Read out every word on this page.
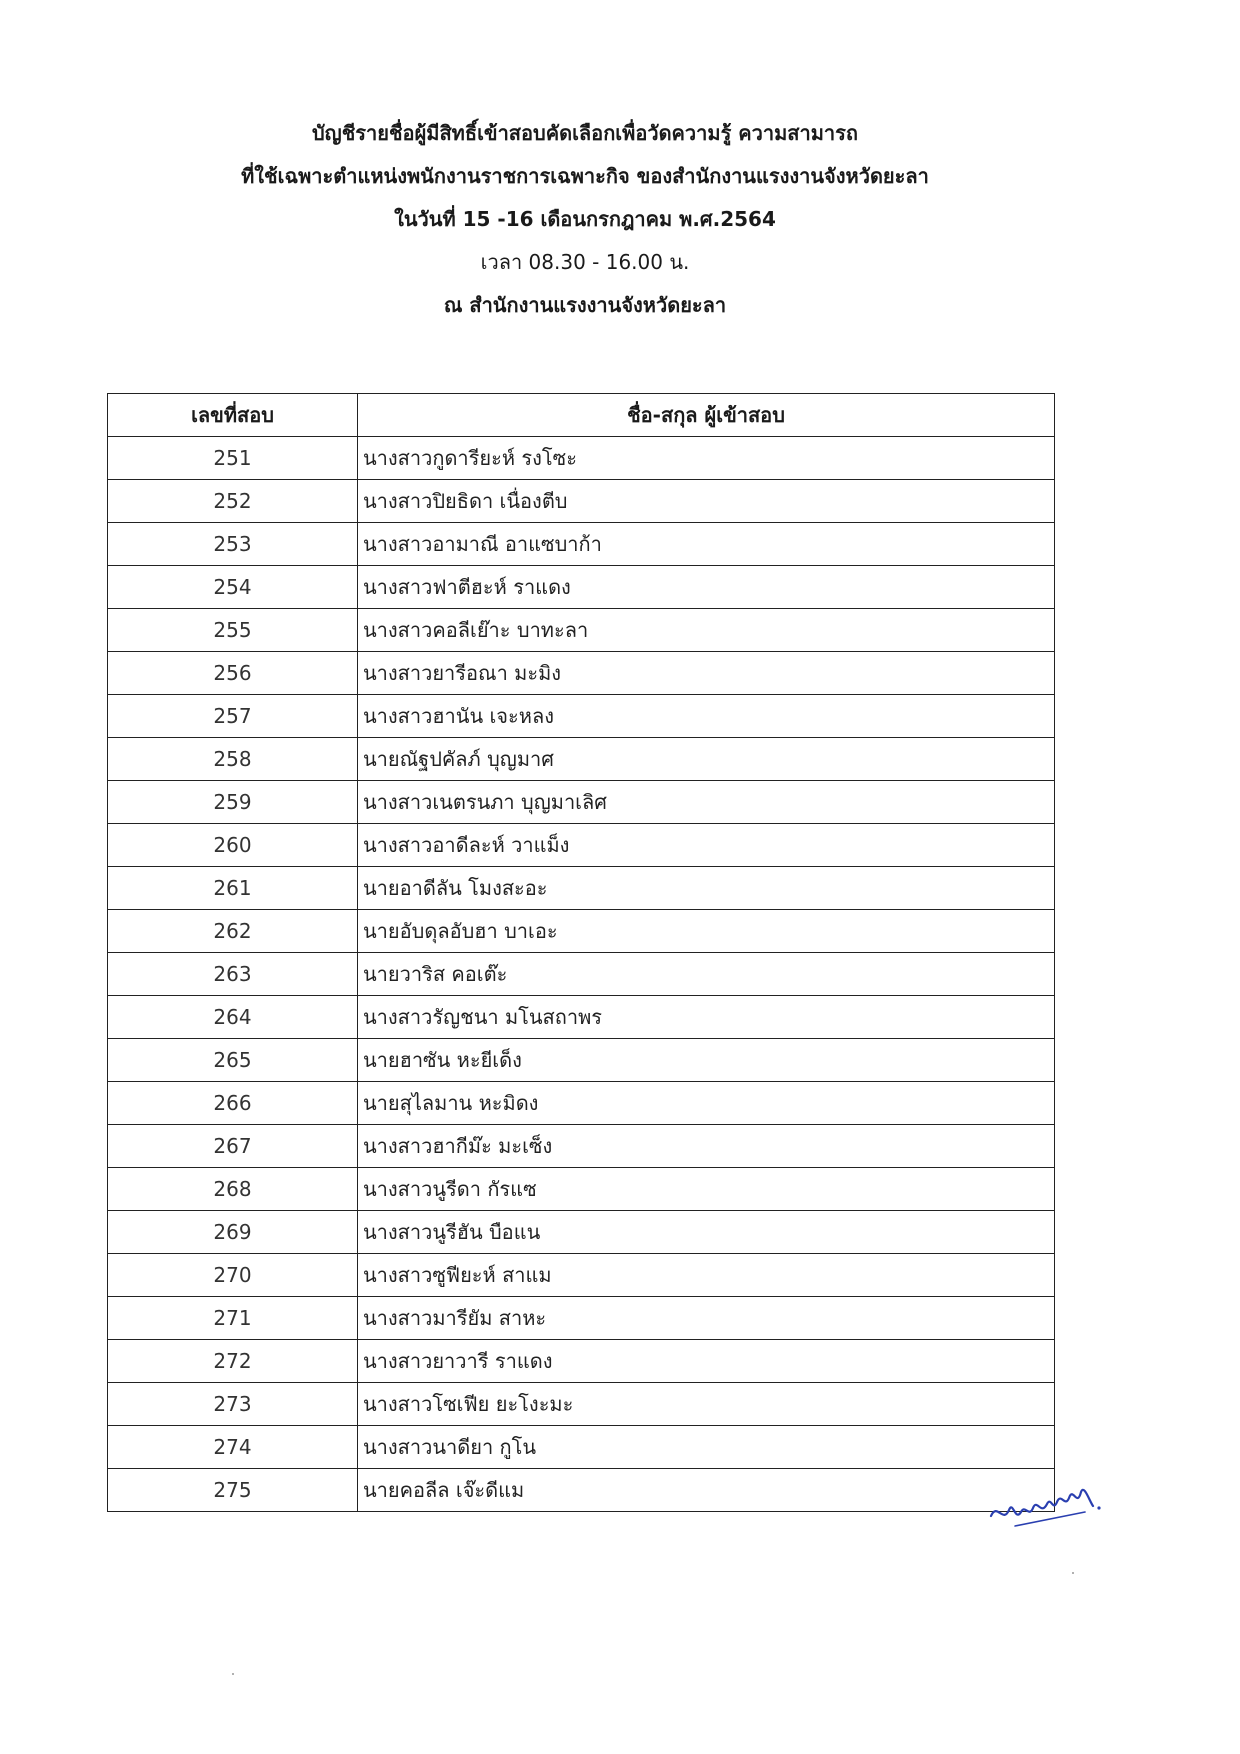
บัญชีรายชื่อผู้มีสิทธิ์เข้าสอบคัดเลือกเพื่อวัดความรู้ ความสามารถ
ที่ใช้เฉพาะตำแหน่งพนักงานราชการเฉพาะกิจ ของสำนักงานแรงงานจังหวัดยะลา
ในวันที่ 15 -16 เดือนกรกฎาคม พ.ศ.2564
เวลา 08.30 - 16.00 น.
ณ สำนักงานแรงงานจังหวัดยะลา
เลขที่สอบ	ชื่อ-สกุล ผู้เข้าสอบ
251	นางสาวกูดารียะห์ รงโซะ
252	นางสาวปิยธิดา เนื่องตีบ
253	นางสาวอามาณี อาแซบาก้า
254	นางสาวฟาตีฮะห์ ราแดง
255	นางสาวคอลีเย๊าะ บาทะลา
256	นางสาวยารีอณา มะมิง
257	นางสาวฮานัน เจะหลง
258	นายณัฐปคัลภ์ บุญมาศ
259	นางสาวเนตรนภา บุญมาเลิศ
260	นางสาวอาดีละห์ วาแม็ง
261	นายอาดีลัน โมงสะอะ
262	นายอับดุลอับฮา บาเอะ
263	นายวาริส คอเต๊ะ
264	นางสาวรัญชนา มโนสถาพร
265	นายฮาซัน หะยีเด็ง
266	นายสุไลมาน หะมิดง
267	นางสาวฮากีม๊ะ มะเซ็ง
268	นางสาวนูรีดา กัรแซ
269	นางสาวนูรีฮัน บือแน
270	นางสาวซูฟียะห์ สาแม
271	นางสาวมารียัม สาหะ
272	นางสาวยาวารี ราแดง
273	นางสาวโซเฟีย ยะโงะมะ
274	นางสาวนาดียา กูโน
275	นายคอลีล เจ๊ะดีแม
